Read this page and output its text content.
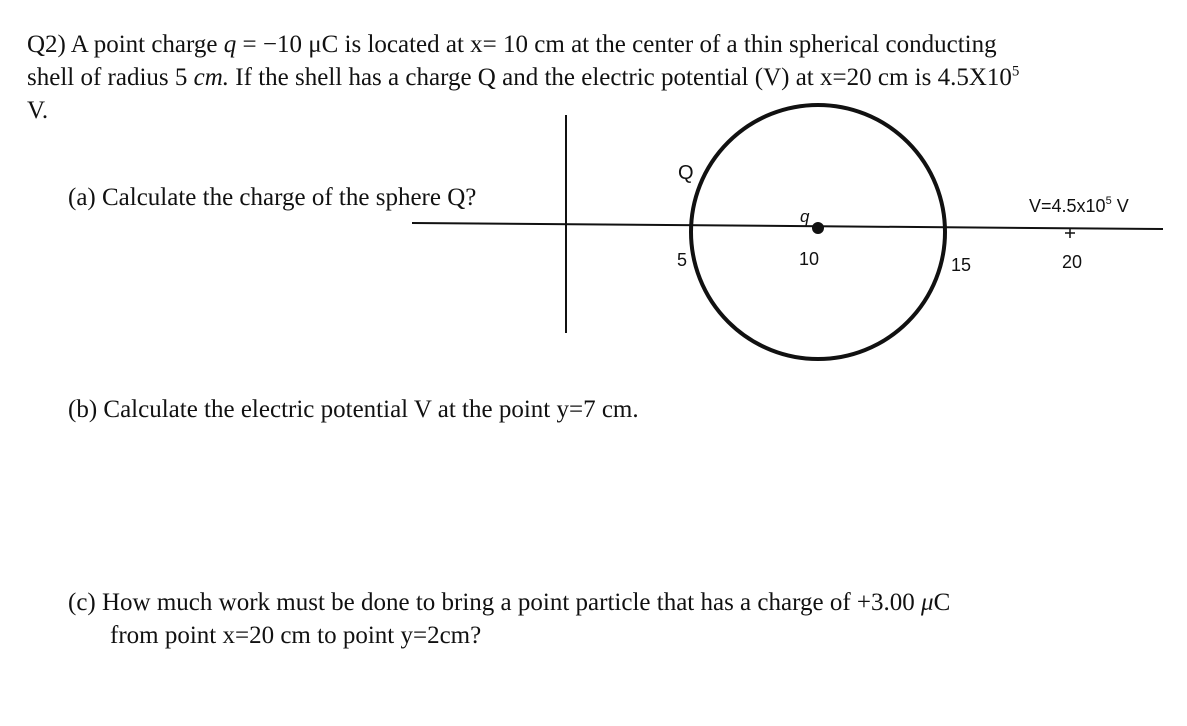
Q2) A point charge q = −10 μC is located at x= 10 cm at the center of a thin spherical conducting
shell of radius 5 cm. If the shell has a charge Q and the electric potential (V) at x=20 cm is $4.5X10^5$
V.
(a) Calculate the charge of the sphere Q?
(b) Calculate the electric potential V at the point y=7 cm.
(c) How much work must be done to bring a point particle that has a charge of +3.00 μC
from point x=20 cm to point y=2cm?
Q
q
5	10	15	20
$V=4.5x10^5$ V
